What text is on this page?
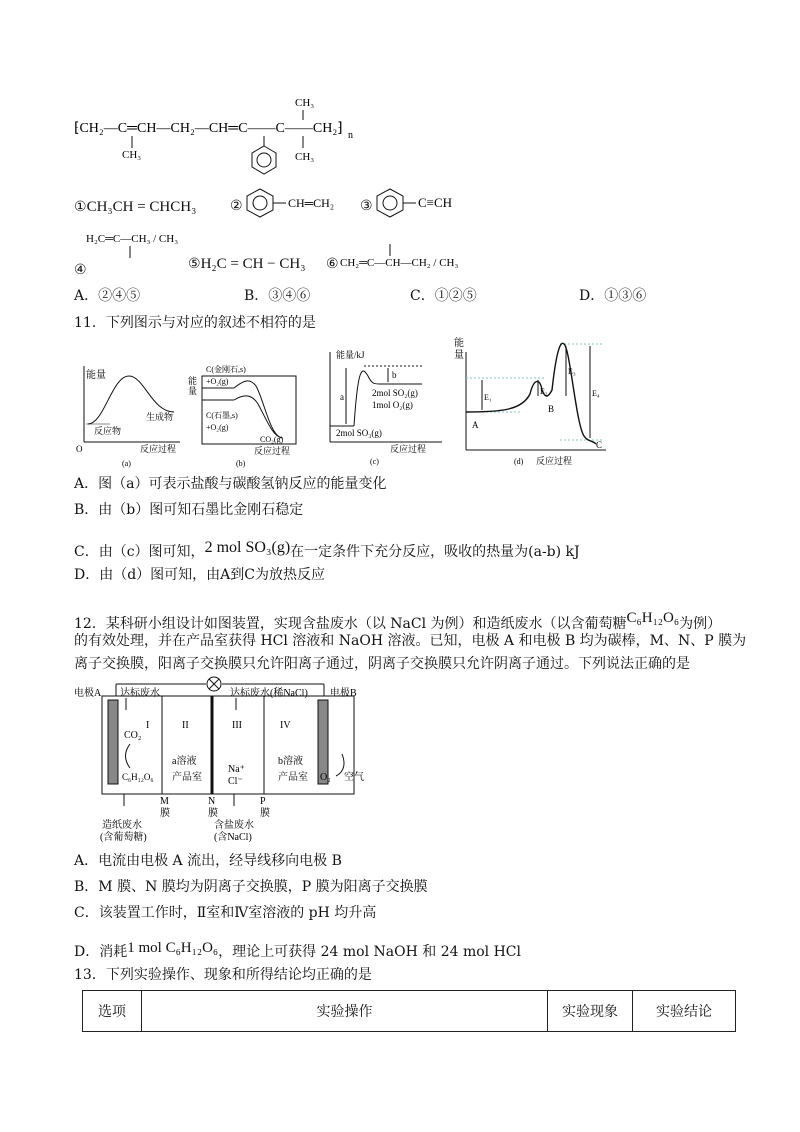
⁅CH₂—C═CH—CH₂—CH═C——C——CH₂⁆
CH₃
CH₃
CH₃
n
①CH₃CH = CHCH₃ ②	CH═CH₂ ③	C≡CH
④
H₂C═C—CH₃ / CH₃
⑤H₂C = CH − CH₃ ⑥ CH₂═C—CH—CH₂ / CH₃
A．②④⑤	B．③④⑥	C．①②⑤	D．①③⑥
11．下列图示与对应的叙述不相符的是
能量
反应物
生成物
O	反应过程
(a)
能
量
C(金刚石,s)
+O₂(g)
C(石墨,s)
+O₂(g)
CO₂(g)
反应过程
(b)
能量/kJ
a
b
2mol SO₂(g)
1mol O₂(g)
2mol SO₃(g)
反应过程
(c)
能
量
E₁
E₂
E₃
E₄
A
B
C
(d) 反应过程
A．图（a）可表示盐酸与碳酸氢钠反应的能量变化
B．由（b）图可知石墨比金刚石稳定
C．由（c）图可知，2 mol SO₃(g)在一定条件下充分反应，吸收的热量为(a-b) kJ
D．由（d）图可知，由A到C为放热反应
12．某科研小组设计如图装置，实现含盐废水（以 NaCl 为例）和造纸废水（以含葡萄糖C₆H₁₂O₆为例）
的有效处理，并在产品室获得 HCl 溶液和 NaOH 溶液。已知，电极 A 和电极 B 均为碳棒，M、N、P 膜为
离子交换膜，阳离子交换膜只允许阳离子通过，阴离子交换膜只允许阴离子通过。下列说法正确的是
电极A	电极B
I	II	III	IV
达标废水	达标废水(稀NaCl)
CO₂
C₆H₁₂O₆
a溶液
产品室
Na⁺
Cl⁻
b溶液
产品室 O₂ 空气
M
膜
N
膜
P
膜
造纸废水
(含葡萄糖)
含盐废水
(含NaCl)
A．电流由电极 A 流出，经导线移向电极 B
B．M 膜、N 膜均为阴离子交换膜，P 膜为阳离子交换膜
C．该装置工作时，Ⅱ室和Ⅳ室溶液的 pH 均升高
D．消耗1 mol C₆H₁₂O₆，理论上可获得 24 mol NaOH 和 24 mol HCl
13．下列实验操作、现象和所得结论均正确的是
选项	实验操作	实验现象	实验结论
